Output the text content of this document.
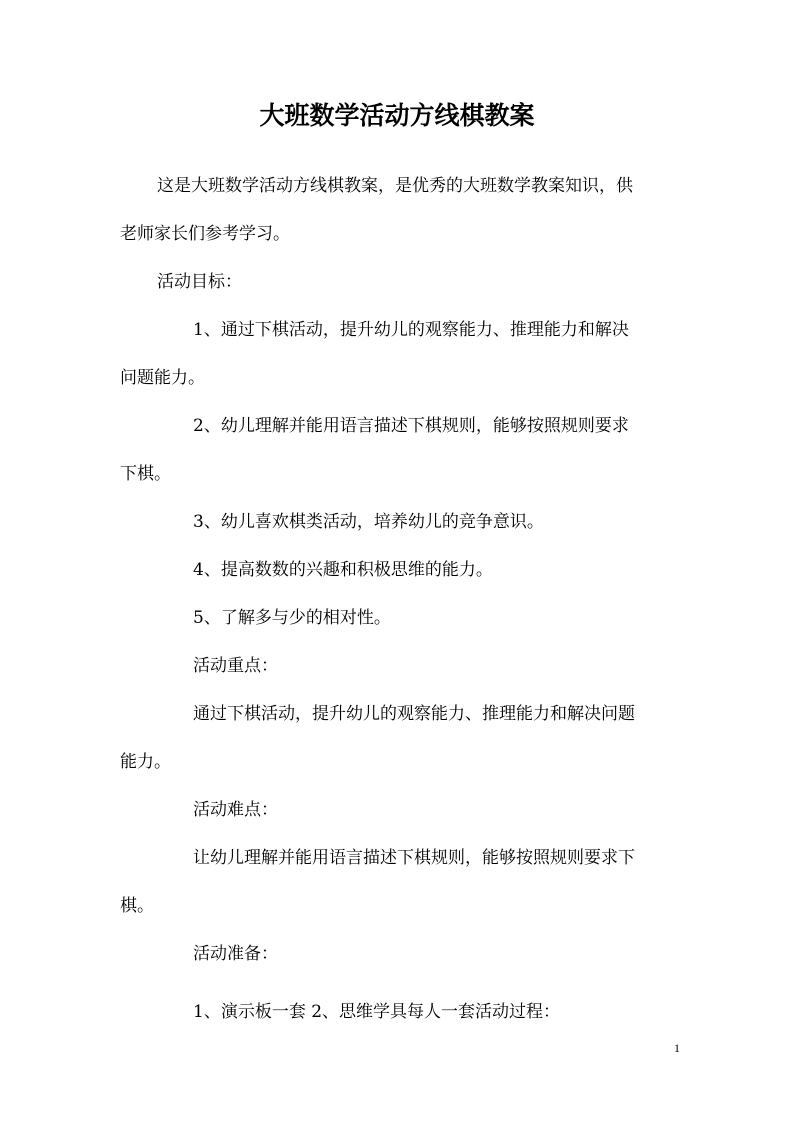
大班数学活动方线棋教案

这是大班数学活动方线棋教案，是优秀的大班数学教案知识，供

老师家长们参考学习。

活动目标：

1、通过下棋活动，提升幼儿的观察能力、推理能力和解决

问题能力。

2、幼儿理解并能用语言描述下棋规则，能够按照规则要求

下棋。

3、幼儿喜欢棋类活动，培养幼儿的竞争意识。

4、提高数数的兴趣和积极思维的能力。

5、了解多与少的相对性。

活动重点：

通过下棋活动，提升幼儿的观察能力、推理能力和解决问题

能力。

活动难点：

让幼儿理解并能用语言描述下棋规则，能够按照规则要求下

棋。

活动准备：

1、演示板一套 2、思维学具每人一套活动过程：

1
